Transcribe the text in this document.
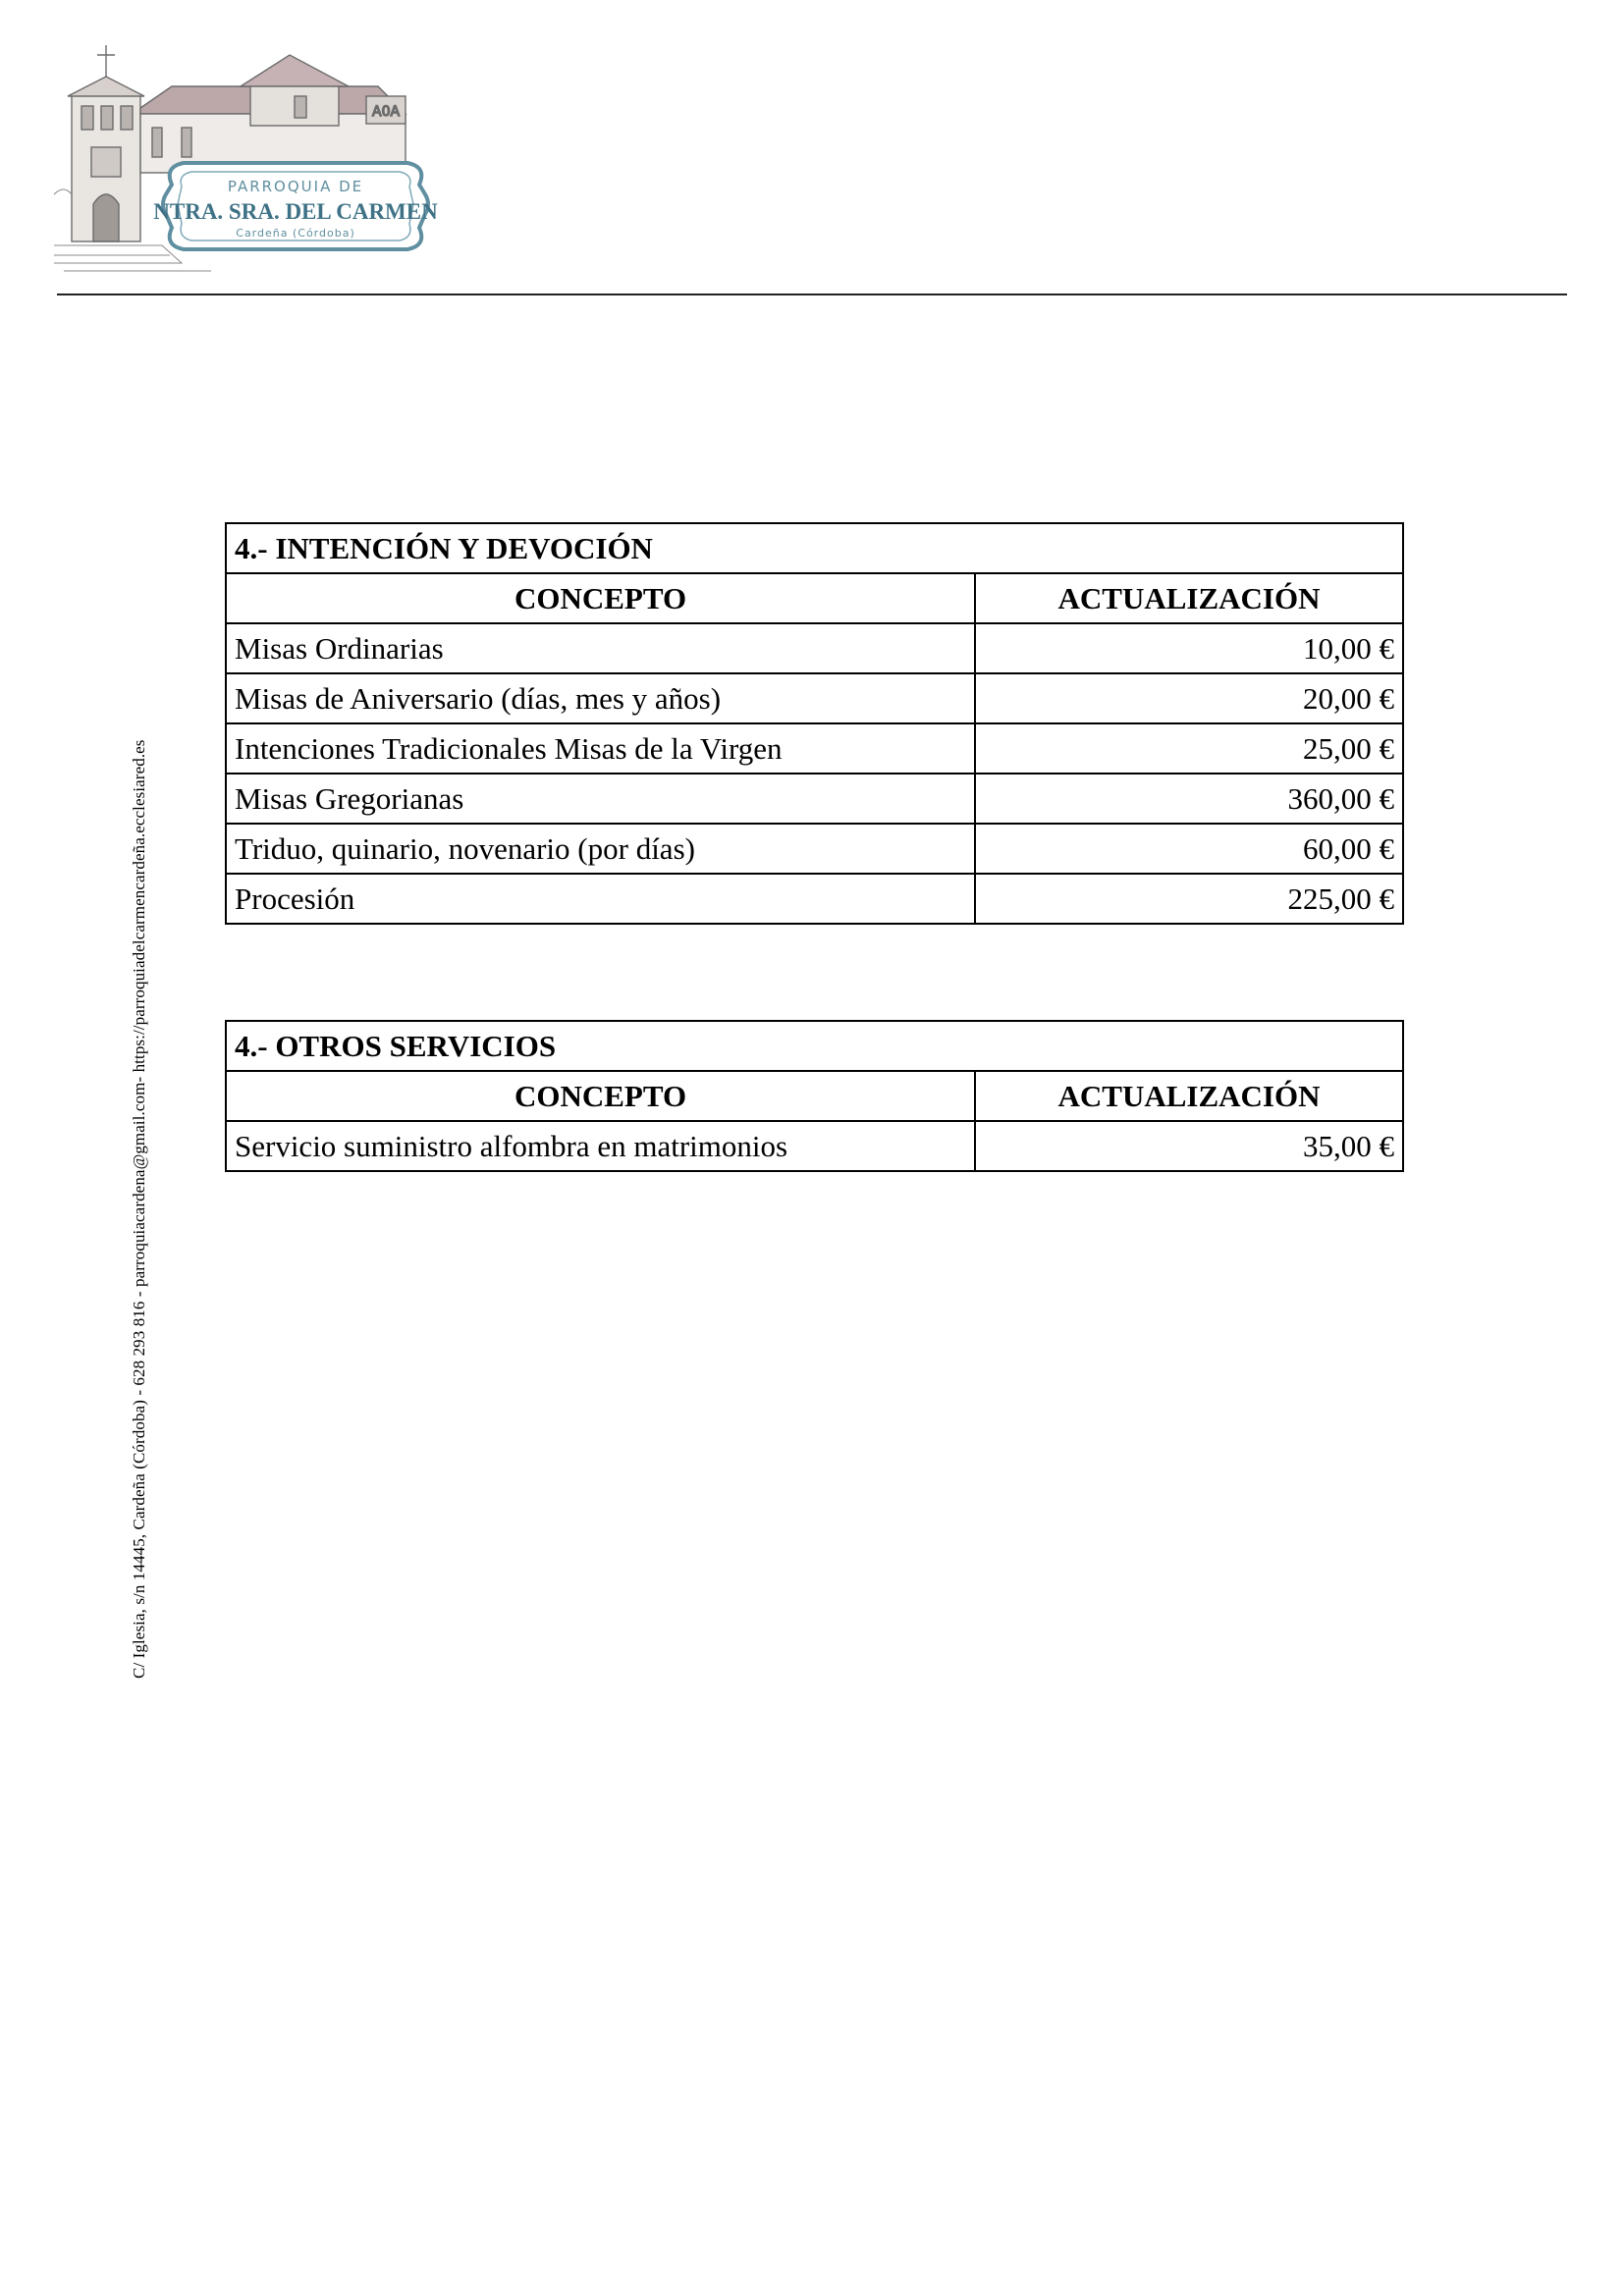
A0A
PARROQUIA DE
NTRA. SRA. DEL CARMEN
Cardeña (Córdoba)
C/ Iglesia, s/n 14445, Cardeña (Córdoba) - 628 293 816 - parroquiacardena@gmail.com- https://parroquiadelcarmencardeña.ecclesiared.es
4.- INTENCIÓN Y DEVOCIÓN	
CONCEPTO	ACTUALIZACIÓN
Misas Ordinarias	10,00 €
Misas de Aniversario (días, mes y años)	20,00 €
Intenciones Tradicionales Misas de la Virgen	25,00 €
Misas Gregorianas	360,00 €
Triduo, quinario, novenario (por días)	60,00 €
Procesión	225,00 €
4.- OTROS SERVICIOS	
CONCEPTO	ACTUALIZACIÓN
Servicio suministro alfombra en matrimonios	35,00 €
